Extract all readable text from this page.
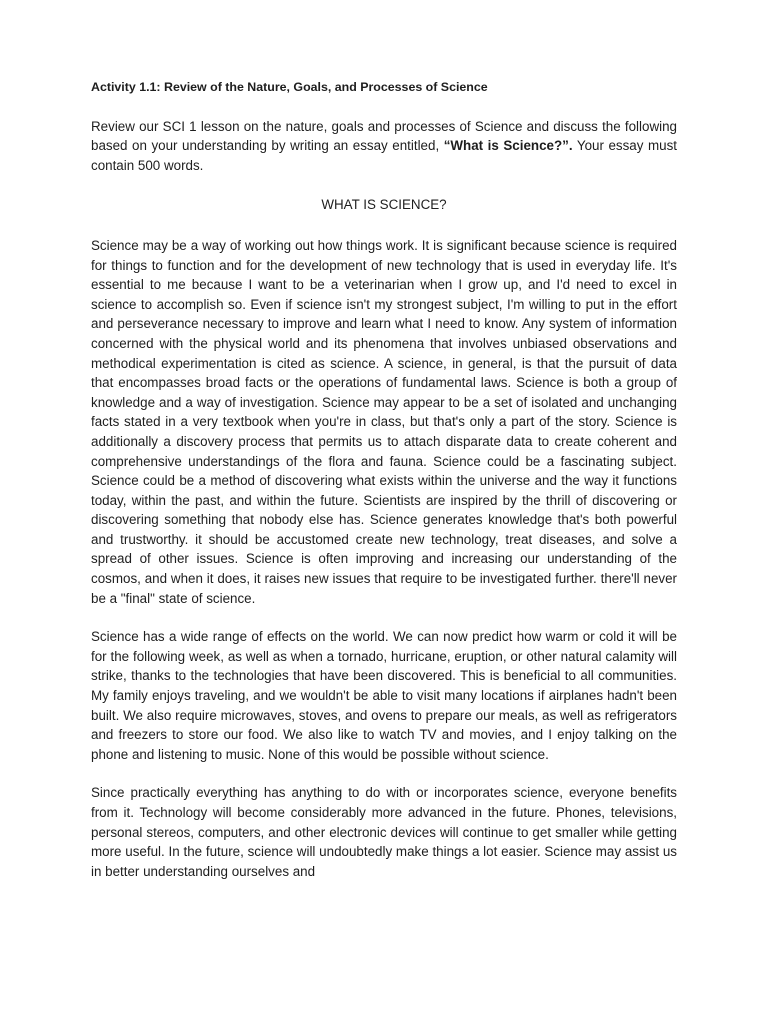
Activity 1.1: Review of the Nature, Goals, and Processes of Science

Review our SCI 1 lesson on the nature, goals and processes of Science and discuss the following based on your understanding by writing an essay entitled, “What is Science?”. Your essay must contain 500 words.

WHAT IS SCIENCE?

Science may be a way of working out how things work. It is significant because science is required for things to function and for the development of new technology that is used in everyday life. It's essential to me because I want to be a veterinarian when I grow up, and I'd need to excel in science to accomplish so. Even if science isn't my strongest subject, I'm willing to put in the effort and perseverance necessary to improve and learn what I need to know. Any system of information concerned with the physical world and its phenomena that involves unbiased observations and methodical experimentation is cited as science. A science, in general, is that the pursuit of data that encompasses broad facts or the operations of fundamental laws. Science is both a group of knowledge and a way of investigation. Science may appear to be a set of isolated and unchanging facts stated in a very textbook when you're in class, but that's only a part of the story. Science is additionally a discovery process that permits us to attach disparate data to create coherent and comprehensive understandings of the flora and fauna. Science could be a fascinating subject. Science could be a method of discovering what exists within the universe and the way it functions today, within the past, and within the future. Scientists are inspired by the thrill of discovering or discovering something that nobody else has. Science generates knowledge that's both powerful and trustworthy. it should be accustomed create new technology, treat diseases, and solve a spread of other issues. Science is often improving and increasing our understanding of the cosmos, and when it does, it raises new issues that require to be investigated further. there'll never be a "final" state of science.

Science has a wide range of effects on the world. We can now predict how warm or cold it will be for the following week, as well as when a tornado, hurricane, eruption, or other natural calamity will strike, thanks to the technologies that have been discovered. This is beneficial to all communities. My family enjoys traveling, and we wouldn't be able to visit many locations if airplanes hadn't been built. We also require microwaves, stoves, and ovens to prepare our meals, as well as refrigerators and freezers to store our food. We also like to watch TV and movies, and I enjoy talking on the phone and listening to music. None of this would be possible without science.

Since practically everything has anything to do with or incorporates science, everyone benefits from it. Technology will become considerably more advanced in the future. Phones, televisions, personal stereos, computers, and other electronic devices will continue to get smaller while getting more useful. In the future, science will undoubtedly make things a lot easier. Science may assist us in better understanding ourselves and
